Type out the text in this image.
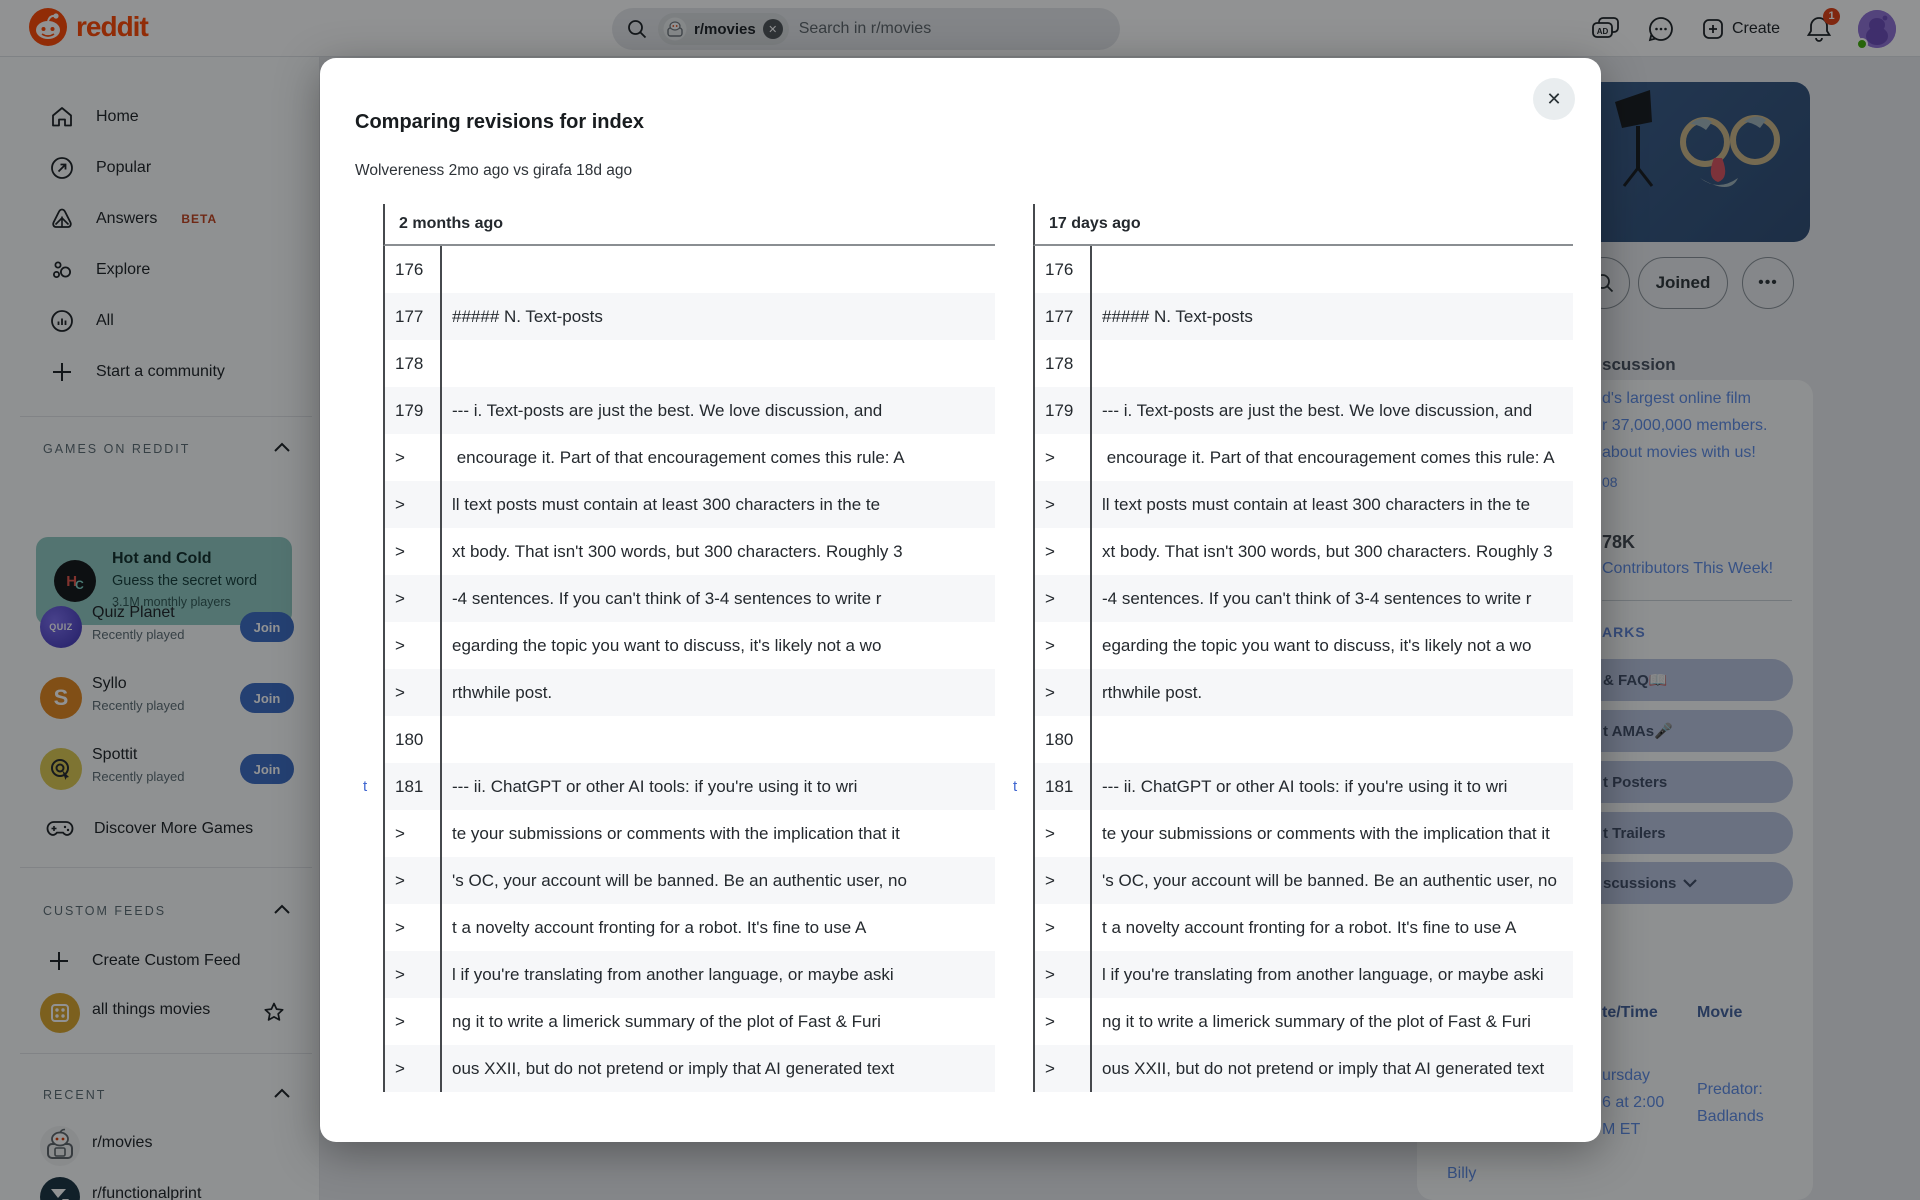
reddit	r/movies	✕	Search in r/movies	AD	Create
1
Home
Popular
Answers BETA
Explore
All
Start a community
GAMES ON REDDIT
H
C
Hot and Cold
Guess the secret word
3.1M monthly players
QUIZ
Quiz Planet
Recently played	Join
S
Syllo
Recently played	Join
Spottit
Recently played	Join
Discover More Games
CUSTOM FEEDS
Create Custom Feed
all things movies
RECENT
r/movies
r/functionalprint
Joined	•••
scussion
d's largest online film
r 37,000,000 members.
about movies with us!
08
78K
Contributors This Week!
ARKS
& FAQ📖
t AMAs🎤
t Posters
t Trailers
scussions
te/Time Movie
ursday
6 at 2:00
M ET
Predator:
Badlands
Billy
✕
Comparing revisions for index
Wolvereness 2mo ago vs girafa 18d ago
2 months ago
176
177	##### N. Text-posts
178
179	--- i. Text-posts are just the best. We love discussion, and
>	encourage it. Part of that encouragement comes this rule: A
>	ll text posts must contain at least 300 characters in the te
>	xt body. That isn't 300 words, but 300 characters. Roughly 3
>	-4 sentences. If you can't think of 3-4 sentences to write r
>	egarding the topic you want to discuss, it's likely not a wo
>	rthwhile post.
180
t	181	--- ii. ChatGPT or other AI tools: if you're using it to wri
>	te your submissions or comments with the implication that it
>	's OC, your account will be banned. Be an authentic user, no
>	t a novelty account fronting for a robot. It's fine to use A
>	l if you're translating from another language, or maybe aski
>	ng it to write a limerick summary of the plot of Fast & Furi
>	ous XXII, but do not pretend or imply that AI generated text
17 days ago
176
177	##### N. Text-posts
178
179	--- i. Text-posts are just the best. We love discussion, and
>	encourage it. Part of that encouragement comes this rule: A
>	ll text posts must contain at least 300 characters in the te
>	xt body. That isn't 300 words, but 300 characters. Roughly 3
>	-4 sentences. If you can't think of 3-4 sentences to write r
>	egarding the topic you want to discuss, it's likely not a wo
>	rthwhile post.
180
t	181	--- ii. ChatGPT or other AI tools: if you're using it to wri
>	te your submissions or comments with the implication that it
>	's OC, your account will be banned. Be an authentic user, no
>	t a novelty account fronting for a robot. It's fine to use A
>	l if you're translating from another language, or maybe aski
>	ng it to write a limerick summary of the plot of Fast & Furi
>	ous XXII, but do not pretend or imply that AI generated text
